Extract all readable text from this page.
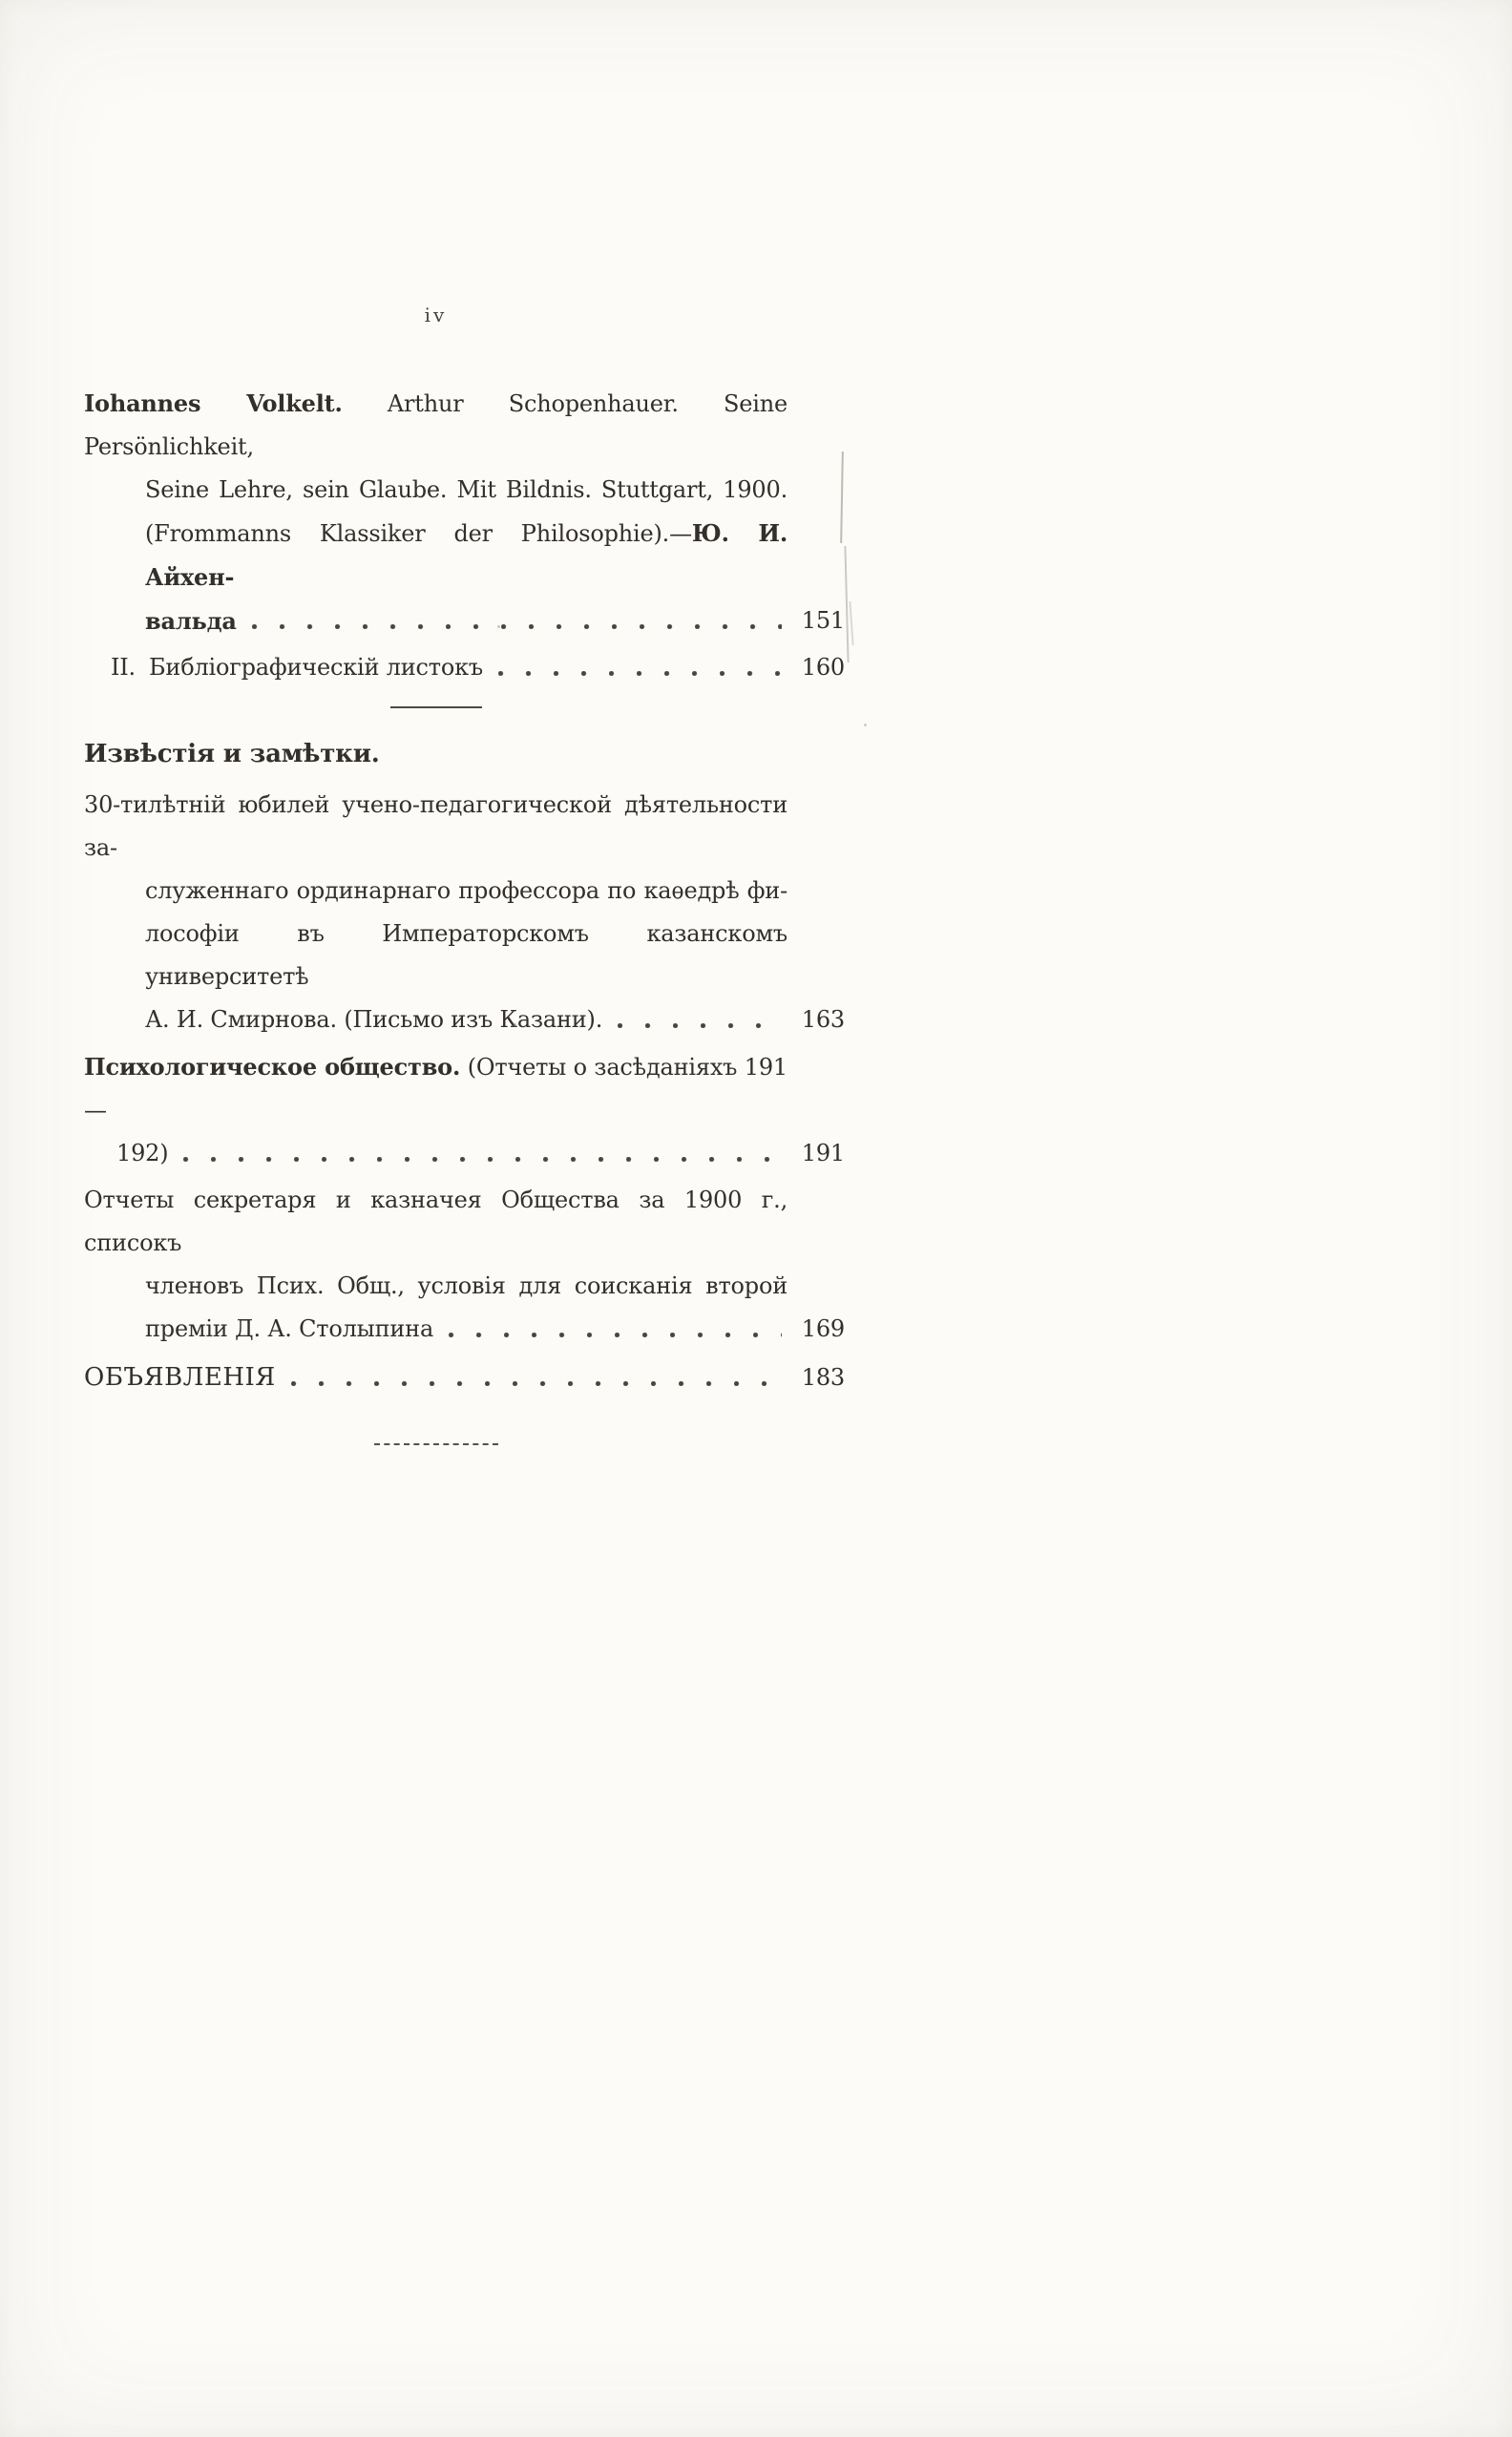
iv
Iohannes Volkelt. Arthur Schopenhauer. Seine Persönlichkeit,
Seine Lehre, sein Glaube. Mit Bildnis. Stuttgart, 1900.
(Frommanns Klassiker der Philosophie).—Ю. И. Айхен-
вальда	151
II. Библіографическій листокъ	160
Извѣстія и замѣтки.
30-тилѣтній юбилей учено-педагогической дѣятельности за-
служеннаго ординарнаго профессора по каѳедрѣ фи-
лософіи въ Императорскомъ казанскомъ университетѣ
А. И. Смирнова. (Письмо изъ Казани).	163
Психологическое общество. (Отчеты о засѣданіяхъ 191—
192)	191
Отчеты секретаря и казначея Общества за 1900 г., списокъ
членовъ Псих. Общ., условія для соисканія второй
преміи Д. А. Столыпина	169
ОБЪЯВЛЕНІЯ	183
